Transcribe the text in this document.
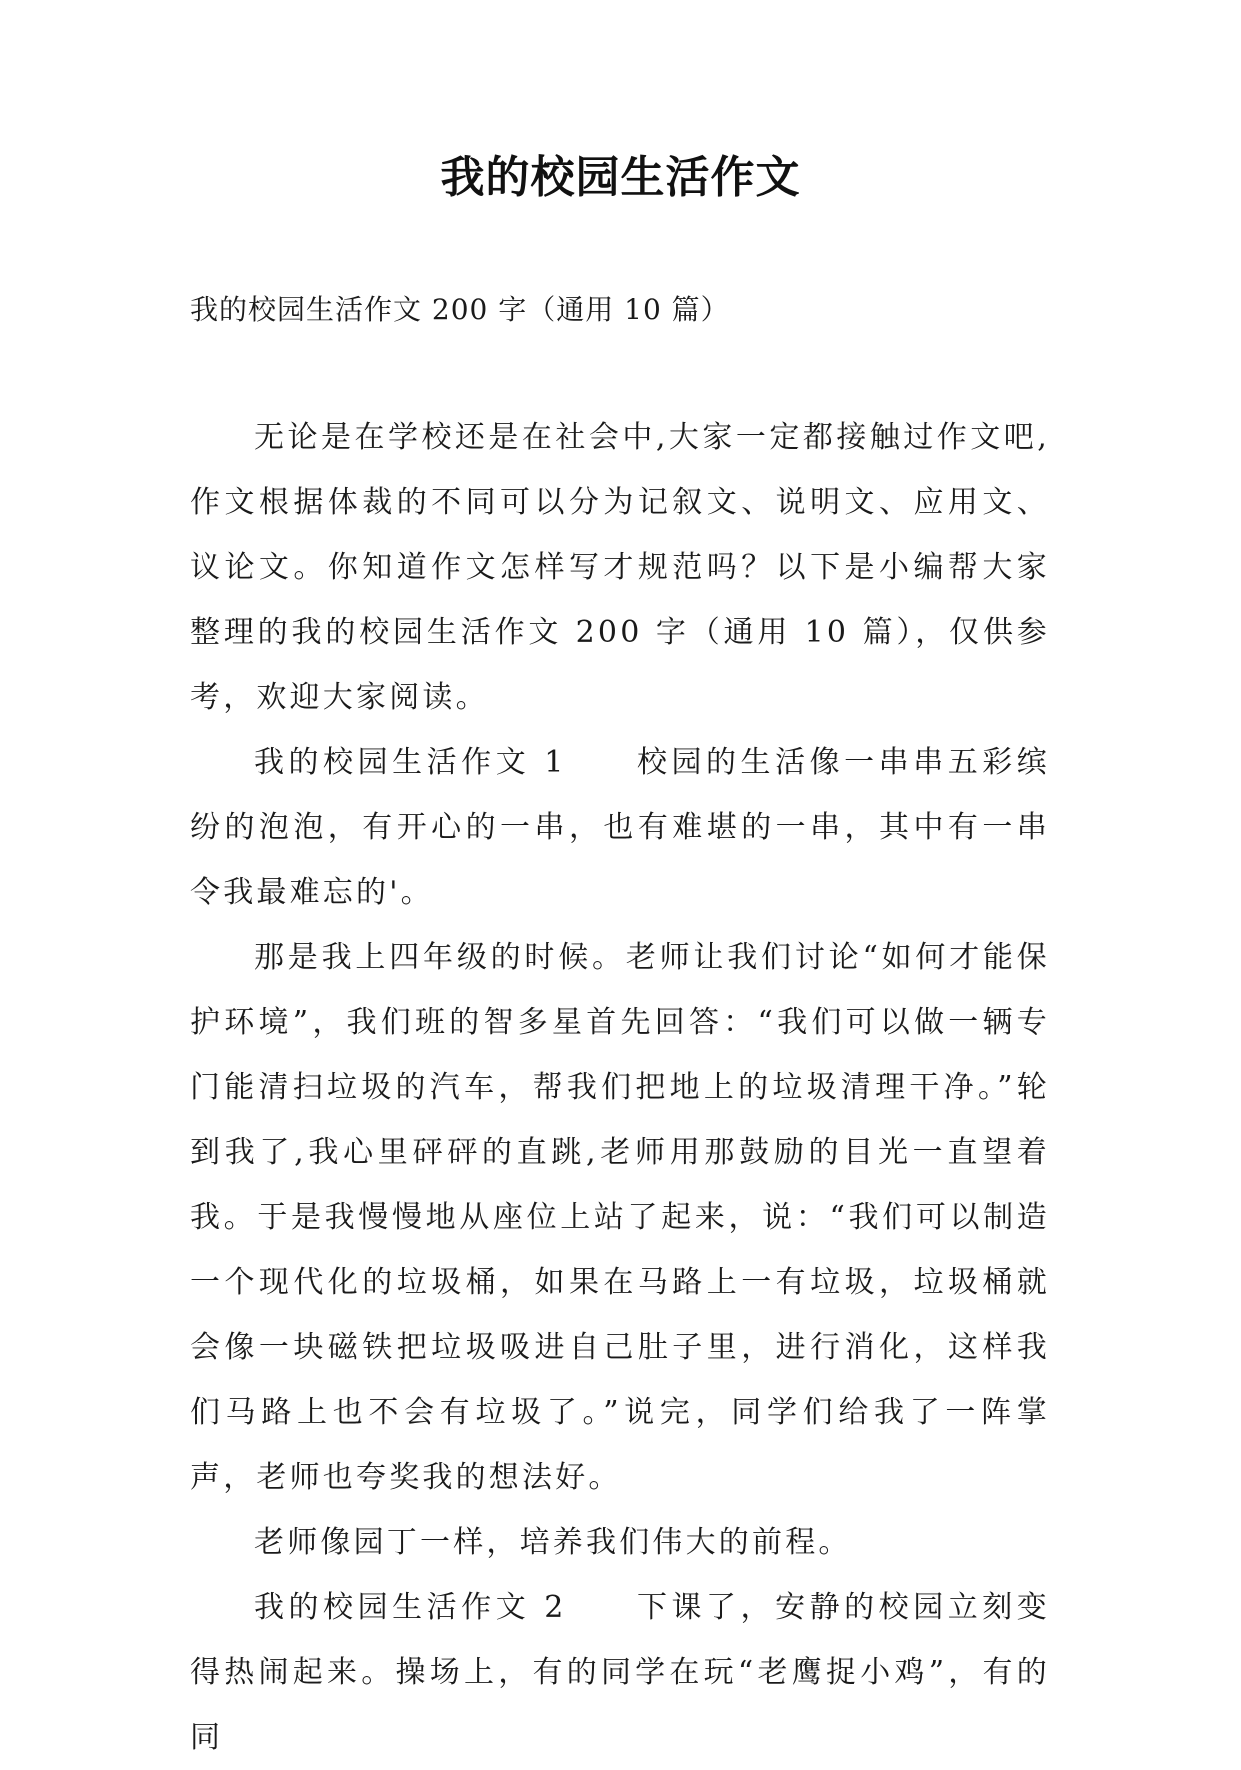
我的校园生活作文

我的校园生活作文 200 字（通用 10 篇）

无论是在学校还是在社会中,大家一定都接触过作文吧,作文根据体裁的不同可以分为记叙文、说明文、应用文、议论文。你知道作文怎样写才规范吗？以下是小编帮大家整理的我的校园生活作文 200 字（通用 10 篇），仅供参考，欢迎大家阅读。

我的校园生活作文 1　　校园的生活像一串串五彩缤纷的泡泡，有开心的一串，也有难堪的一串，其中有一串令我最难忘的'。

那是我上四年级的时候。老师让我们讨论“如何才能保护环境”，我们班的智多星首先回答：“我们可以做一辆专门能清扫垃圾的汽车，帮我们把地上的垃圾清理干净。”轮到我了,我心里砰砰的直跳,老师用那鼓励的目光一直望着我。于是我慢慢地从座位上站了起来，说：“我们可以制造一个现代化的垃圾桶，如果在马路上一有垃圾，垃圾桶就会像一块磁铁把垃圾吸进自己肚子里，进行消化，这样我们马路上也不会有垃圾了。”说完，同学们给我了一阵掌声，老师也夸奖我的想法好。

老师像园丁一样，培养我们伟大的前程。

我的校园生活作文 2　　下课了，安静的校园立刻变得热闹起来。操场上，有的同学在玩“老鹰捉小鸡”，有的同
